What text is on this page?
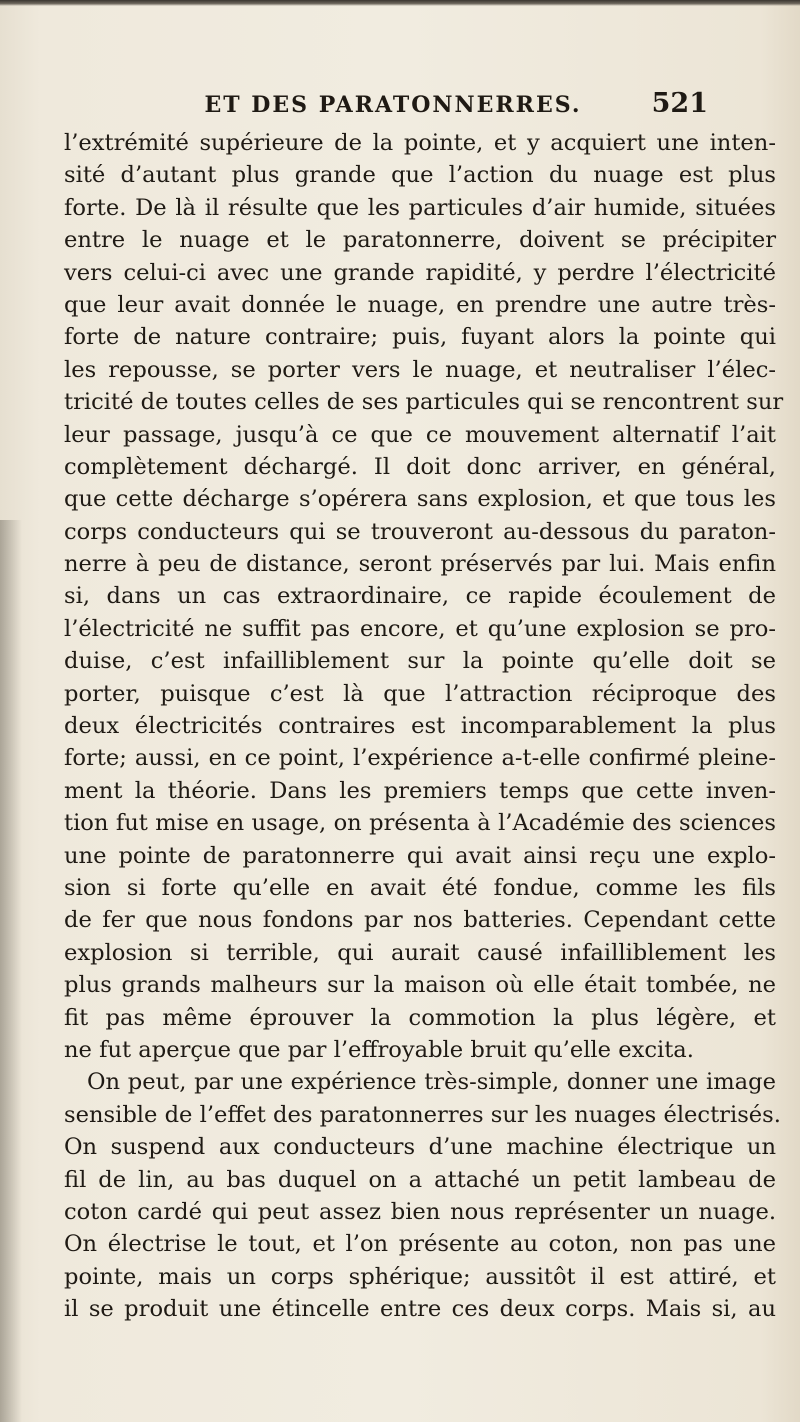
ET DES PARATONNERRES.	521
l’extrémité supérieure de la pointe, et y acquiert une inten-
sité d’autant plus grande que l’action du nuage est plus
forte. De là il résulte que les particules d’air humide, situées
entre le nuage et le paratonnerre, doivent se précipiter
vers celui-ci avec une grande rapidité, y perdre l’électricité
que leur avait donnée le nuage, en prendre une autre très-
forte de nature contraire; puis, fuyant alors la pointe qui
les repousse, se porter vers le nuage, et neutraliser l’élec-
tricité de toutes celles de ses particules qui se rencontrent sur
leur passage, jusqu’à ce que ce mouvement alternatif l’ait
complètement déchargé. Il doit donc arriver, en général,
que cette décharge s’opérera sans explosion, et que tous les
corps conducteurs qui se trouveront au-dessous du paraton-
nerre à peu de distance, seront préservés par lui. Mais enfin
si, dans un cas extraordinaire, ce rapide écoulement de
l’électricité ne suffit pas encore, et qu’une explosion se pro-
duise, c’est infailliblement sur la pointe qu’elle doit se
porter, puisque c’est là que l’attraction réciproque des
deux électricités contraires est incomparablement la plus
forte; aussi, en ce point, l’expérience a-t-elle confirmé pleine-
ment la théorie. Dans les premiers temps que cette inven-
tion fut mise en usage, on présenta à l’Académie des sciences
une pointe de paratonnerre qui avait ainsi reçu une explo-
sion si forte qu’elle en avait été fondue, comme les fils
de fer que nous fondons par nos batteries. Cependant cette
explosion si terrible, qui aurait causé infailliblement les
plus grands malheurs sur la maison où elle était tombée, ne
fit pas même éprouver la commotion la plus légère, et
ne fut aperçue que par l’effroyable bruit qu’elle excita.
On peut, par une expérience très-simple, donner une image
sensible de l’effet des paratonnerres sur les nuages électrisés.
On suspend aux conducteurs d’une machine électrique un
fil de lin, au bas duquel on a attaché un petit lambeau de
coton cardé qui peut assez bien nous représenter un nuage.
On électrise le tout, et l’on présente au coton, non pas une
pointe, mais un corps sphérique; aussitôt il est attiré, et
il se produit une étincelle entre ces deux corps. Mais si, au
